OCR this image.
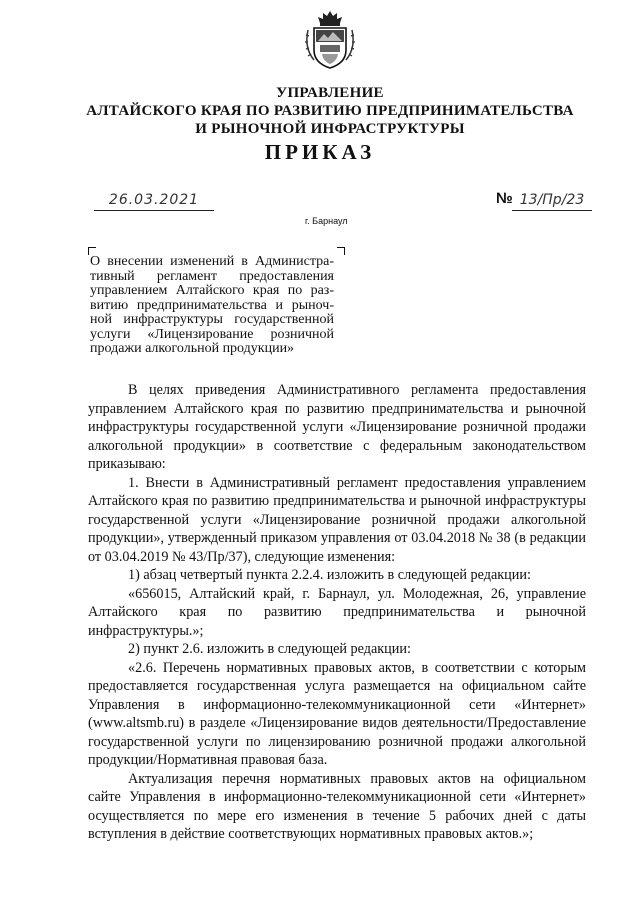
УПРАВЛЕНИЕ
АЛТАЙСКОГО КРАЯ ПО РАЗВИТИЮ ПРЕДПРИНИМАТЕЛЬСТВА
И РЫНОЧНОЙ ИНФРАСТРУКТУРЫ
ПРИКАЗ
26.03.2021	№ 13/Пр/23
г. Барнаул
О внесении изменений в Администра-
тивный регламент предоставления
управлением Алтайского края по раз-
витию предпринимательства и рыноч-
ной инфраструктуры государственной
услуги «Лицензирование розничной
продажи алкогольной продукции»

В целях приведения Административного регламента предоставления управлением Алтайского края по развитию предпринимательства и рыночной инфраструктуры государственной услуги «Лицензирование розничной продажи алкогольной продукции» в соответствие с федеральным законодательством приказываю:

1. Внести в Административный регламент предоставления управлением Алтайского края по развитию предпринимательства и рыночной инфраструктуры государственной услуги «Лицензирование розничной продажи алкогольной продукции», утвержденный приказом управления от 03.04.2018 № 38 (в редакции от 03.04.2019 № 43/Пр/37), следующие изменения:

1) абзац четвертый пункта 2.2.4. изложить в следующей редакции:

«656015, Алтайский край, г. Барнаул, ул. Молодежная, 26, управление Алтайского края по развитию предпринимательства и рыночной инфраструктуры.»;

2) пункт 2.6. изложить в следующей редакции:

«2.6. Перечень нормативных правовых актов, в соответствии с которым предоставляется государственная услуга размещается на официальном сайте Управления в информационно-телекоммуникационной сети «Интернет» (www.altsmb.ru) в разделе «Лицензирование видов деятельности/Предоставление государственной услуги по лицензированию розничной продажи алкогольной продукции/Нормативная правовая база.

Актуализация перечня нормативных правовых актов на официальном сайте Управления в информационно-телекоммуникационной сети «Интернет» осуществляется по мере его изменения в течение 5 рабочих дней с даты вступления в действие соответствующих нормативных правовых актов.»;
